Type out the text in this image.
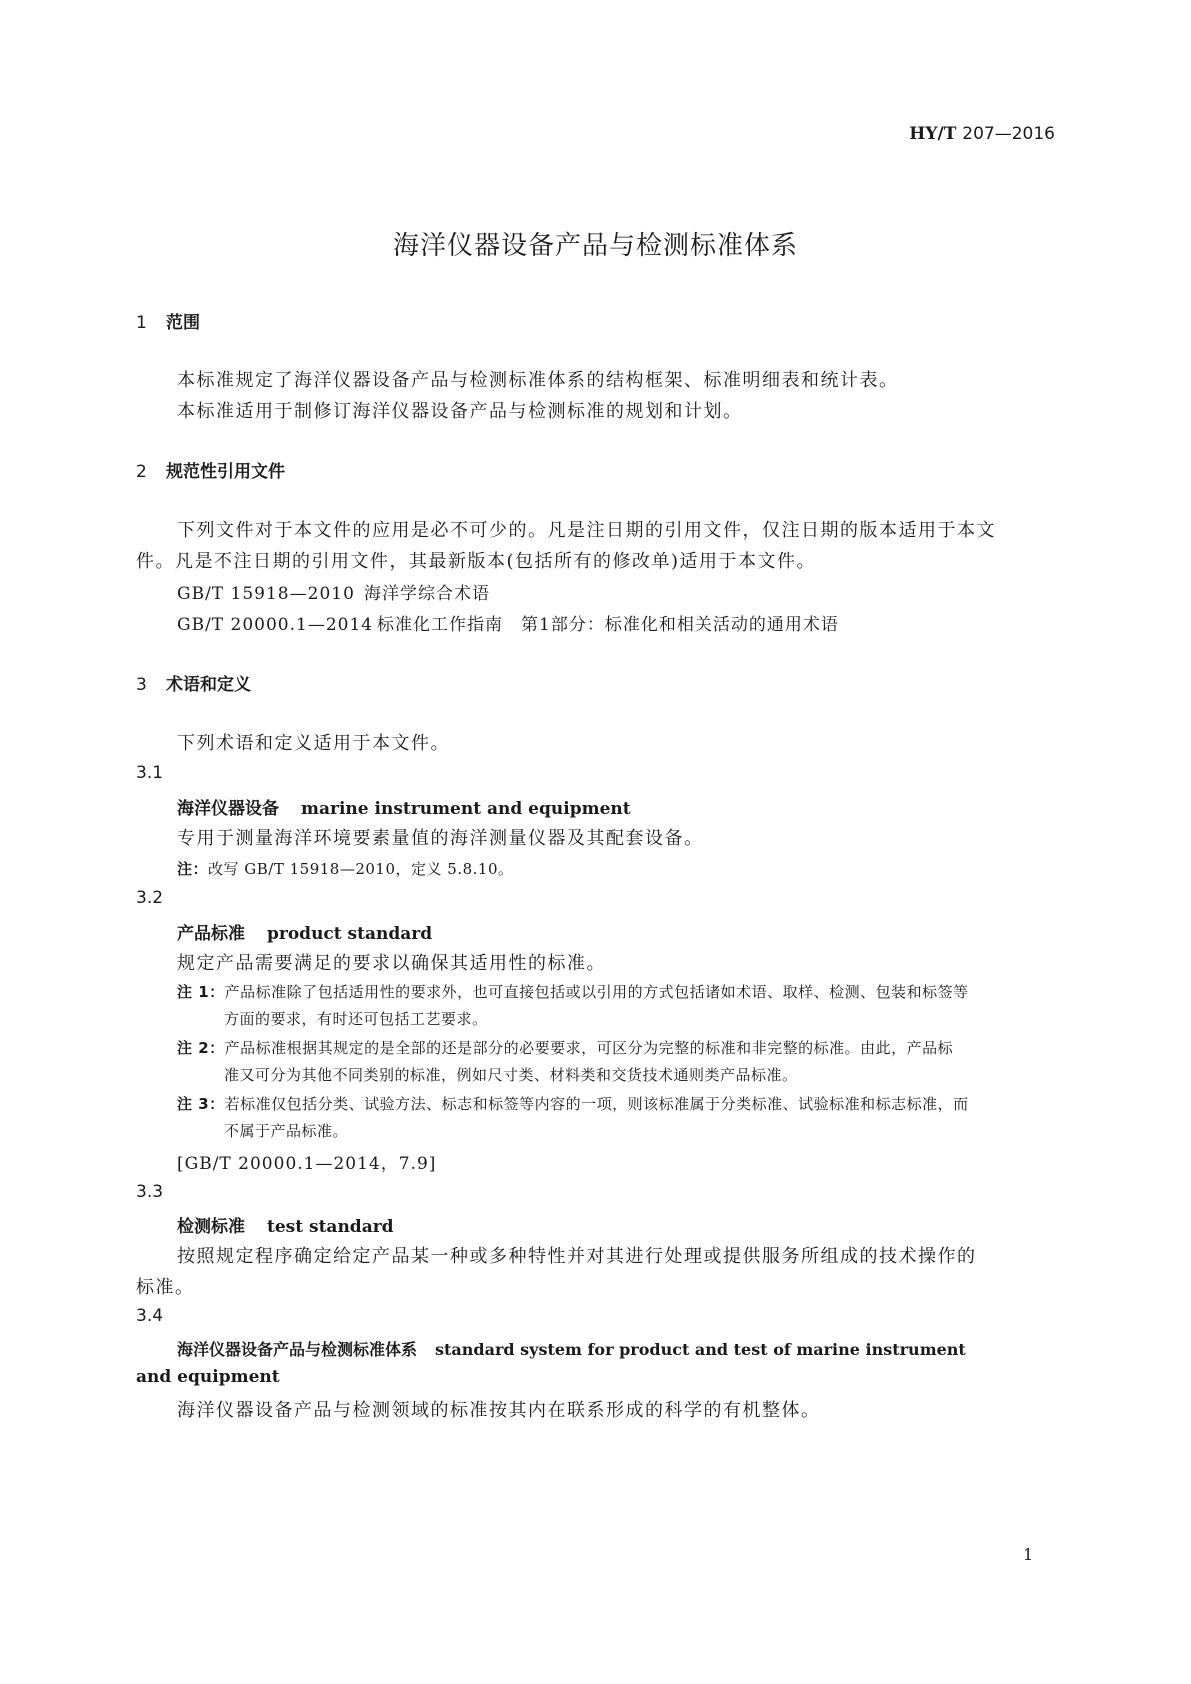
HY/T 207—2016
海洋仪器设备产品与检测标准体系
1 范围
本标准规定了海洋仪器设备产品与检测标准体系的结构框架、标准明细表和统计表。
本标准适用于制修订海洋仪器设备产品与检测标准的规划和计划。
2 规范性引用文件
下列文件对于本文件的应用是必不可少的。凡是注日期的引用文件，仅注日期的版本适用于本文
件。凡是不注日期的引用文件，其最新版本(包括所有的修改单)适用于本文件。
GB/T 15918—2010 海洋学综合术语
GB/T 20000.1—2014 标准化工作指南　第1部分：标准化和相关活动的通用术语
3 术语和定义
下列术语和定义适用于本文件。
3.1
海洋仪器设备 marine instrument and equipment
专用于测量海洋环境要素量值的海洋测量仪器及其配套设备。
注：改写 GB/T 15918—2010，定义 5.8.10。
3.2
产品标准 product standard
规定产品需要满足的要求以确保其适用性的标准。
注 1：产品标准除了包括适用性的要求外，也可直接包括或以引用的方式包括诸如术语、取样、检测、包装和标签等
方面的要求，有时还可包括工艺要求。
注 2：产品标准根据其规定的是全部的还是部分的必要要求，可区分为完整的标准和非完整的标准。由此，产品标
准又可分为其他不同类别的标准，例如尺寸类、材料类和交货技术通则类产品标准。
注 3：若标准仅包括分类、试验方法、标志和标签等内容的一项，则该标准属于分类标准、试验标准和标志标准，而
不属于产品标准。
[GB/T 20000.1—2014，7.9]
3.3
检测标准 test standard
按照规定程序确定给定产品某一种或多种特性并对其进行处理或提供服务所组成的技术操作的
标准。
3.4
海洋仪器设备产品与检测标准体系 standard system for product and test of marine instrument
and equipment
海洋仪器设备产品与检测领域的标准按其内在联系形成的科学的有机整体。
1
